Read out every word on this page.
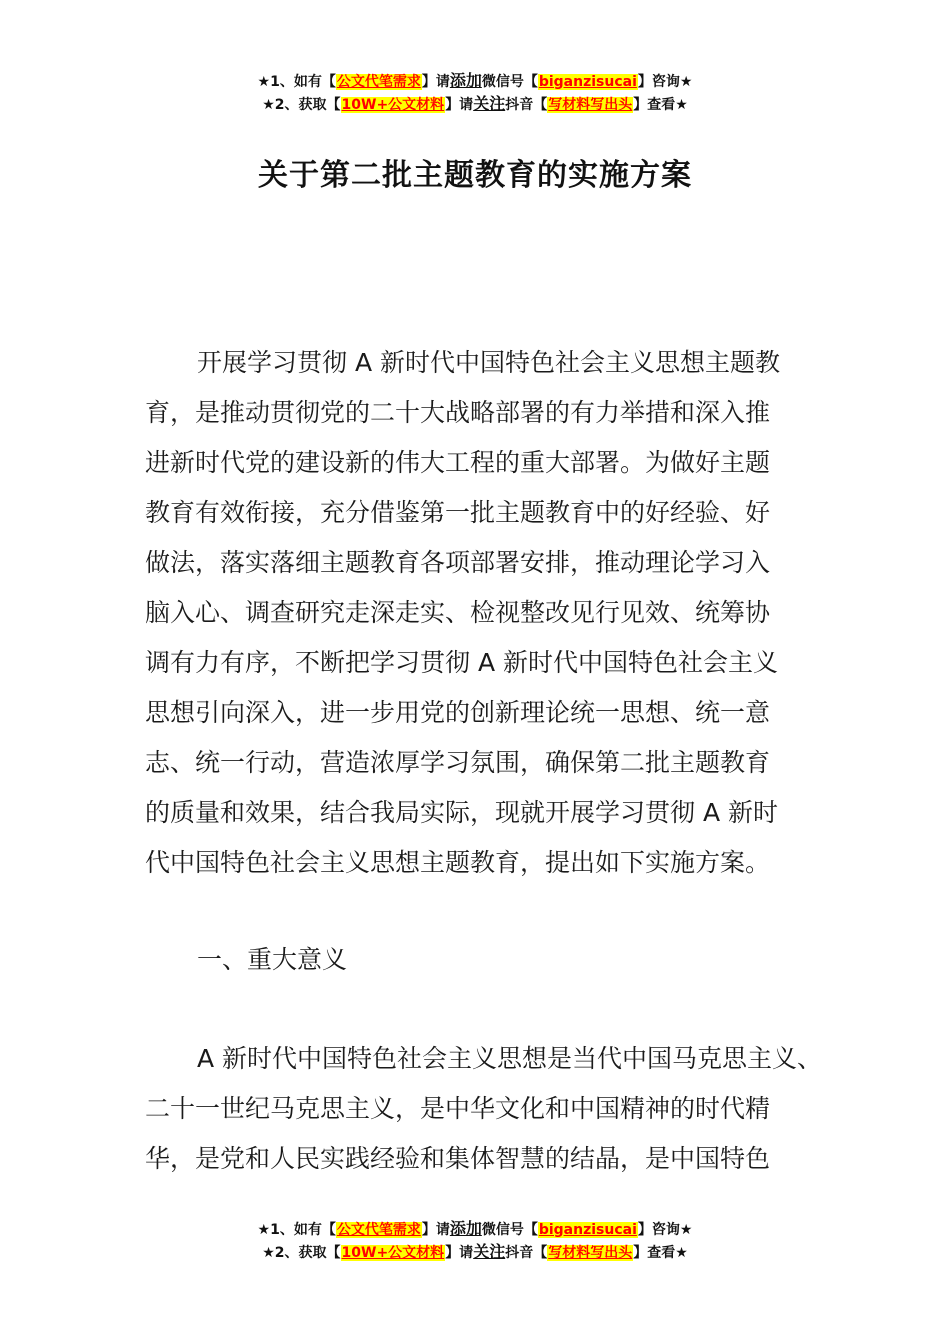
★1、如有【公文代笔需求】请添加微信号【biganzisucai】咨询★
★2、获取【10W+公文材料】请关注抖音【写材料写出头】查看★
关于第二批主题教育的实施方案
开展学习贯彻 A 新时代中国特色社会主义思想主题教
育，是推动贯彻党的二十大战略部署的有力举措和深入推
进新时代党的建设新的伟大工程的重大部署。为做好主题
教育有效衔接，充分借鉴第一批主题教育中的好经验、好
做法，落实落细主题教育各项部署安排，推动理论学习入
脑入心、调查研究走深走实、检视整改见行见效、统筹协
调有力有序，不断把学习贯彻 A 新时代中国特色社会主义
思想引向深入，进一步用党的创新理论统一思想、统一意
志、统一行动，营造浓厚学习氛围，确保第二批主题教育
的质量和效果，结合我局实际，现就开展学习贯彻 A 新时
代中国特色社会主义思想主题教育，提出如下实施方案。
一、重大意义
A 新时代中国特色社会主义思想是当代中国马克思主义、
二十一世纪马克思主义，是中华文化和中国精神的时代精
华，是党和人民实践经验和集体智慧的结晶，是中国特色
★1、如有【公文代笔需求】请添加微信号【biganzisucai】咨询★
★2、获取【10W+公文材料】请关注抖音【写材料写出头】查看★
